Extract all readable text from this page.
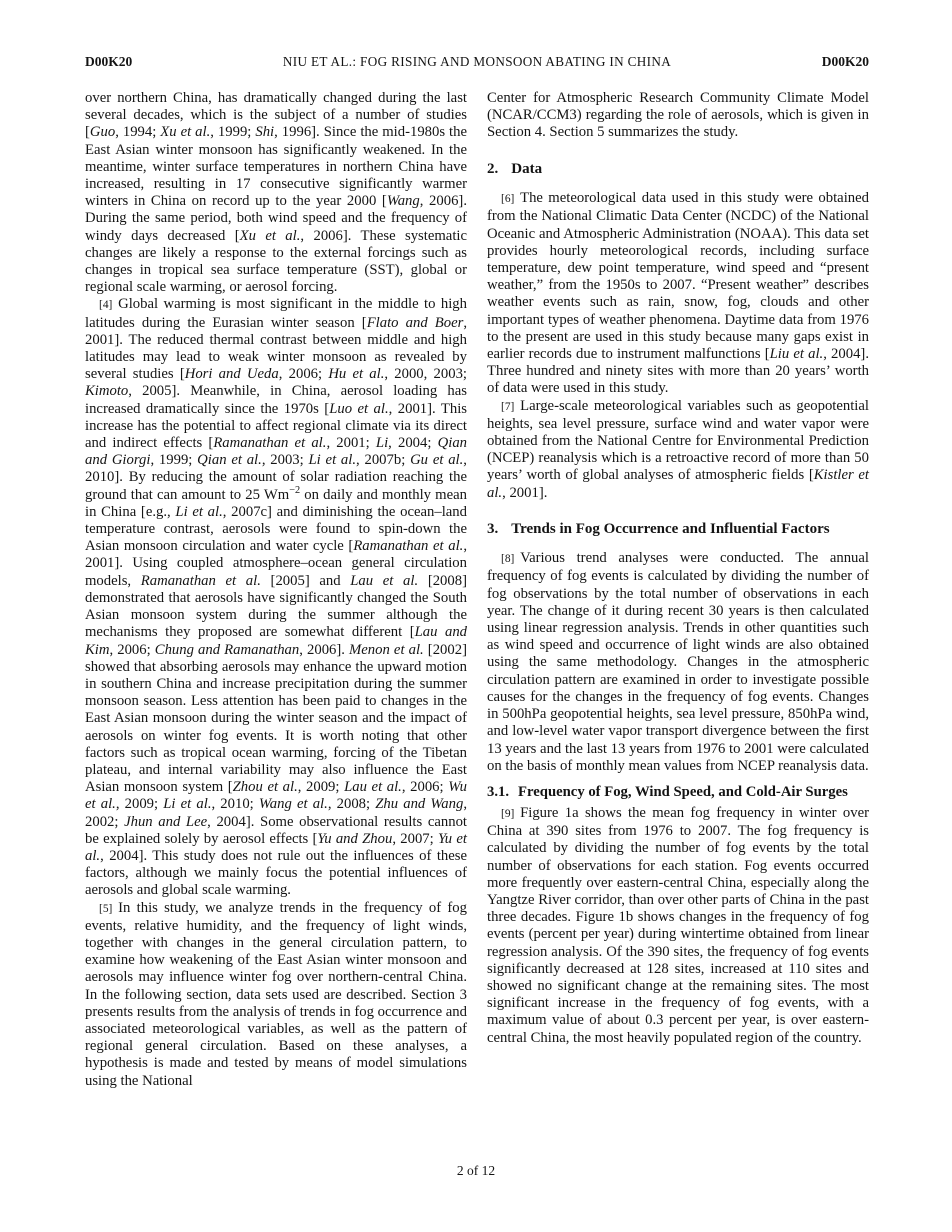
D00K20	NIU ET AL.: FOG RISING AND MONSOON ABATING IN CHINA	D00K20

over northern China, has dramatically changed during the last several decades, which is the subject of a number of studies [Guo, 1994; Xu et al., 1999; Shi, 1996]. Since the mid-1980s the East Asian winter monsoon has significantly weakened. In the meantime, winter surface temperatures in northern China have increased, resulting in 17 consecutive significantly warmer winters in China on record up to the year 2000 [Wang, 2006]. During the same period, both wind speed and the frequency of windy days decreased [Xu et al., 2006]. These systematic changes are likely a response to the external forcings such as changes in tropical sea surface temperature (SST), global or regional scale warming, or aerosol forcing.

[4] Global warming is most significant in the middle to high latitudes during the Eurasian winter season [Flato and Boer, 2001]. The reduced thermal contrast between middle and high latitudes may lead to weak winter monsoon as revealed by several studies [Hori and Ueda, 2006; Hu et al., 2000, 2003; Kimoto, 2005]. Meanwhile, in China, aerosol loading has increased dramatically since the 1970s [Luo et al., 2001]. This increase has the potential to affect regional climate via its direct and indirect effects [Ramanathan et al., 2001; Li, 2004; Qian and Giorgi, 1999; Qian et al., 2003; Li et al., 2007b; Gu et al., 2010]. By reducing the amount of solar radiation reaching the ground that can amount to 25 $Wm^{-2}$ on daily and monthly mean in China [e.g., Li et al., 2007c] and diminishing the ocean–land temperature contrast, aerosols were found to spin-down the Asian monsoon circulation and water cycle [Ramanathan et al., 2001]. Using coupled atmosphere–ocean general circulation models, Ramanathan et al. [2005] and Lau et al. [2008] demonstrated that aerosols have significantly changed the South Asian monsoon system during the summer although the mechanisms they proposed are somewhat different [Lau and Kim, 2006; Chung and Ramanathan, 2006]. Menon et al. [2002] showed that absorbing aerosols may enhance the upward motion in southern China and increase precipitation during the summer monsoon season. Less attention has been paid to changes in the East Asian monsoon during the winter season and the impact of aerosols on winter fog events. It is worth noting that other factors such as tropical ocean warming, forcing of the Tibetan plateau, and internal variability may also influence the East Asian monsoon system [Zhou et al., 2009; Lau et al., 2006; Wu et al., 2009; Li et al., 2010; Wang et al., 2008; Zhu and Wang, 2002; Jhun and Lee, 2004]. Some observational results cannot be explained solely by aerosol effects [Yu and Zhou, 2007; Yu et al., 2004]. This study does not rule out the influences of these factors, although we mainly focus the potential influences of aerosols and global scale warming.

[5] In this study, we analyze trends in the frequency of fog events, relative humidity, and the frequency of light winds, together with changes in the general circulation pattern, to examine how weakening of the East Asian winter monsoon and aerosols may influence winter fog over northern-central China. In the following section, data sets used are described. Section 3 presents results from the analysis of trends in fog occurrence and associated meteorological variables, as well as the pattern of regional general circulation. Based on these analyses, a hypothesis is made and tested by means of model simulations using the National

Center for Atmospheric Research Community Climate Model (NCAR/CCM3) regarding the role of aerosols, which is given in Section 4. Section 5 summarizes the study.

2. Data

[6] The meteorological data used in this study were obtained from the National Climatic Data Center (NCDC) of the National Oceanic and Atmospheric Administration (NOAA). This data set provides hourly meteorological records, including surface temperature, dew point temperature, wind speed and “present weather,” from the 1950s to 2007. “Present weather” describes weather events such as rain, snow, fog, clouds and other important types of weather phenomena. Daytime data from 1976 to the present are used in this study because many gaps exist in earlier records due to instrument malfunctions [Liu et al., 2004]. Three hundred and ninety sites with more than 20 years’ worth of data were used in this study.

[7] Large-scale meteorological variables such as geopotential heights, sea level pressure, surface wind and water vapor were obtained from the National Centre for Environmental Prediction (NCEP) reanalysis which is a retroactive record of more than 50 years’ worth of global analyses of atmospheric fields [Kistler et al., 2001].

3. Trends in Fog Occurrence and Influential Factors

[8] Various trend analyses were conducted. The annual frequency of fog events is calculated by dividing the number of fog observations by the total number of observations in each year. The change of it during recent 30 years is then calculated using linear regression analysis. Trends in other quantities such as wind speed and occurrence of light winds are also obtained using the same methodology. Changes in the atmospheric circulation pattern are examined in order to investigate possible causes for the changes in the frequency of fog events. Changes in 500hPa geopotential heights, sea level pressure, 850hPa wind, and low-level water vapor transport divergence between the first 13 years and the last 13 years from 1976 to 2001 were calculated on the basis of monthly mean values from NCEP reanalysis data.

3.1. Frequency of Fog, Wind Speed, and Cold-Air Surges

[9] Figure 1a shows the mean fog frequency in winter over China at 390 sites from 1976 to 2007. The fog frequency is calculated by dividing the number of fog events by the total number of observations for each station. Fog events occurred more frequently over eastern-central China, especially along the Yangtze River corridor, than over other parts of China in the past three decades. Figure 1b shows changes in the frequency of fog events (percent per year) during wintertime obtained from linear regression analysis. Of the 390 sites, the frequency of fog events significantly decreased at 128 sites, increased at 110 sites and showed no significant change at the remaining sites. The most significant increase in the frequency of fog events, with a maximum value of about 0.3 percent per year, is over eastern-central China, the most heavily populated region of the country.

2 of 12
